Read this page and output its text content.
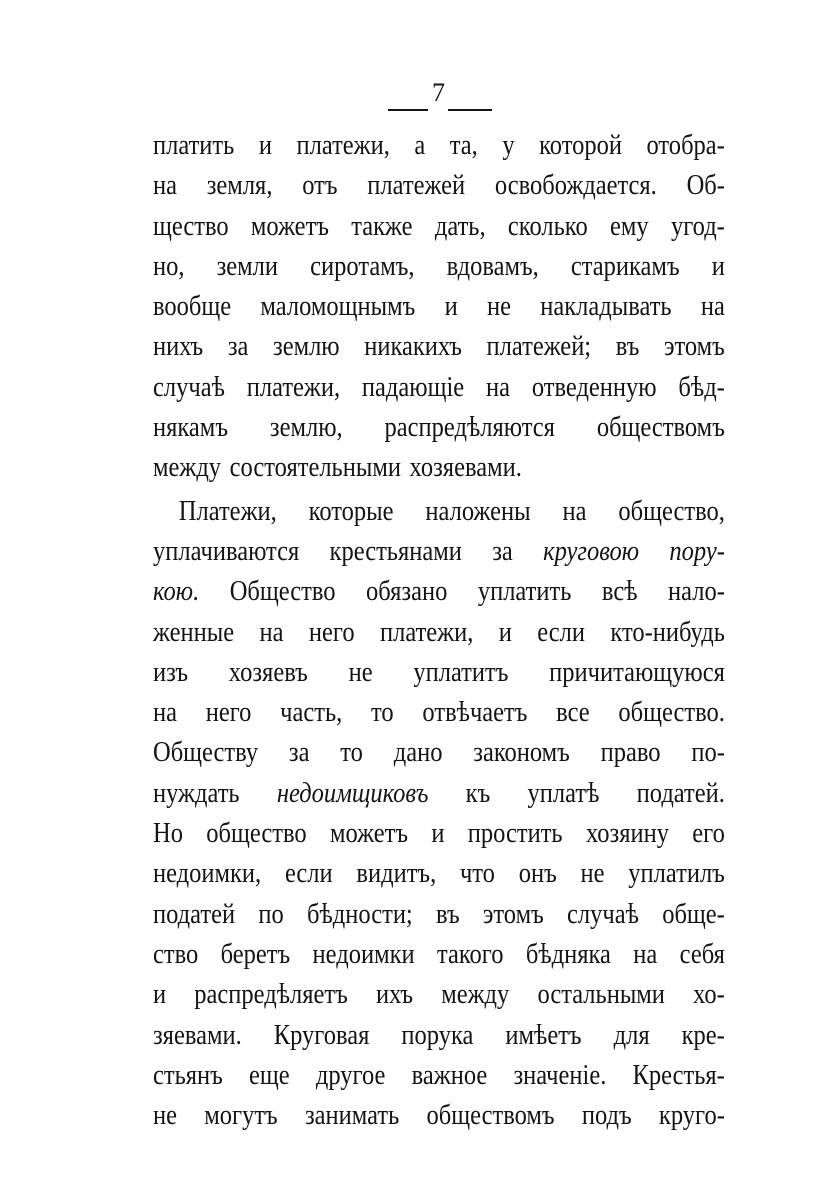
7
платить и платежи, а та, у которой отобра-
на земля, отъ платежей освобождается. Об-
щество можетъ также дать, сколько ему угод-
но, земли сиротамъ, вдовамъ, старикамъ и
вообще маломощнымъ и не накладывать на
нихъ за землю никакихъ платежей; въ этомъ
случаѣ платежи, падающіе на отведенную бѣд-
някамъ землю, распредѣляются обществомъ
между состоятельными хозяевами.
Платежи, которые наложены на общество,
уплачиваются крестьянами за круговою пору-
кою. Общество обязано уплатить всѣ нало-
женные на него платежи, и если кто-нибудь
изъ хозяевъ не уплатитъ причитающуюся
на него часть, то отвѣчаетъ все общество.
Обществу за то дано закономъ право по-
нуждать недоимщиковъ къ уплатѣ податей.
Но общество можетъ и простить хозяину его
недоимки, если видитъ, что онъ не уплатилъ
податей по бѣдности; въ этомъ случаѣ обще-
ство беретъ недоимки такого бѣдняка на себя
и распредѣляетъ ихъ между остальными хо-
зяевами. Круговая порука имѣетъ для кре-
стьянъ еще другое важное значеніе. Крестья-
не могутъ занимать обществомъ подъ круго-
